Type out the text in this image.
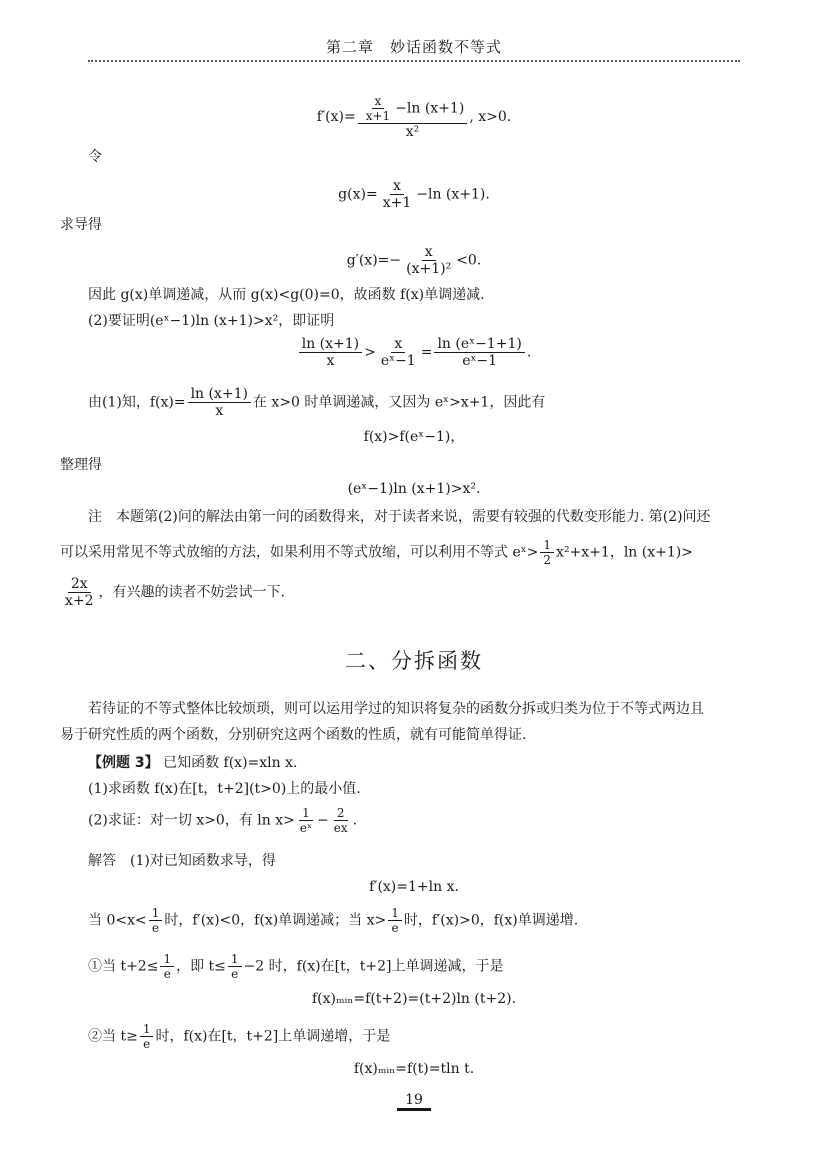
第二章　妙话函数不等式
$f'(x)= \frac{\frac{x}{x+1} -\ln (x+1)}{\text{x²}}$ , x>0.
令
$g(x)= \frac{x}{x+1} -\ln$ (x+1).
求导得
$g'(x)=- \frac{x}{\text{(x+1)²}} <0$.
因此 g(x)单调递减，从而 g(x)<g(0)=0，故函数 f(x)单调递减.
(2)要证明(eˣ−1)ln (x+1)>x²，即证明
$\frac{\ln (x+1)}{x} > \frac{x}{\text{eˣ−1}} = \frac{\text{ln (eˣ−1+1)}}{\text{eˣ−1}}$ .
由(1)知，$f(x)= \frac{\ln (x+1)}{x}$ 在 x>0 时单调递减，又因为 eˣ>x+1，因此有
f(x)>f(eˣ−1)，
整理得
(eˣ−1)ln (x+1)>x².
注　本题第(2)问的解法由第一问的函数得来，对于读者来说，需要有较强的代数变形能力. 第(2)问还
可以采用常见不等式放缩的方法，如果利用不等式放缩，可以利用不等式 eˣ> $\frac{1}{2} x^2+x+1$，ln (x+1)>
$\frac{2x}{x+2}$ ，有兴趣的读者不妨尝试一下.
二、分拆函数
若待证的不等式整体比较烦琐，则可以运用学过的知识将复杂的函数分拆或归类为位于不等式两边且
易于研究性质的两个函数，分别研究这两个函数的性质，就有可能简单得证.
【例题 3】 已知函数 f(x)=xln x.
(1)求函数 f(x)在[t，t+2](t>0)上的最小值.
(2)求证：对一切 x>0，有 $\ln x> \frac{1}{\text{eˣ}} - \frac{2}{ex}$ .
解答　(1)对已知函数求导，得
f′(x)=1+ln x.
当 $0<x< \frac{1}{e}$ 时，f′(x)<0，f(x)单调递减；当 $x> \frac{1}{e}$ 时，f′(x)>0，f(x)单调递增.
①当 $t+2\le \frac{1}{e}$ ，即 $t\le \frac{1}{e} -2$ 时，f(x)在[t，t+2]上单调递减，于是
f(x)ₘᵢₙ=f(t+2)=(t+2)ln (t+2).
②当 $t\ge \frac{1}{e}$ 时，f(x)在[t，t+2]上单调递增，于是
f(x)ₘᵢₙ=f(t)=tln t.
19
